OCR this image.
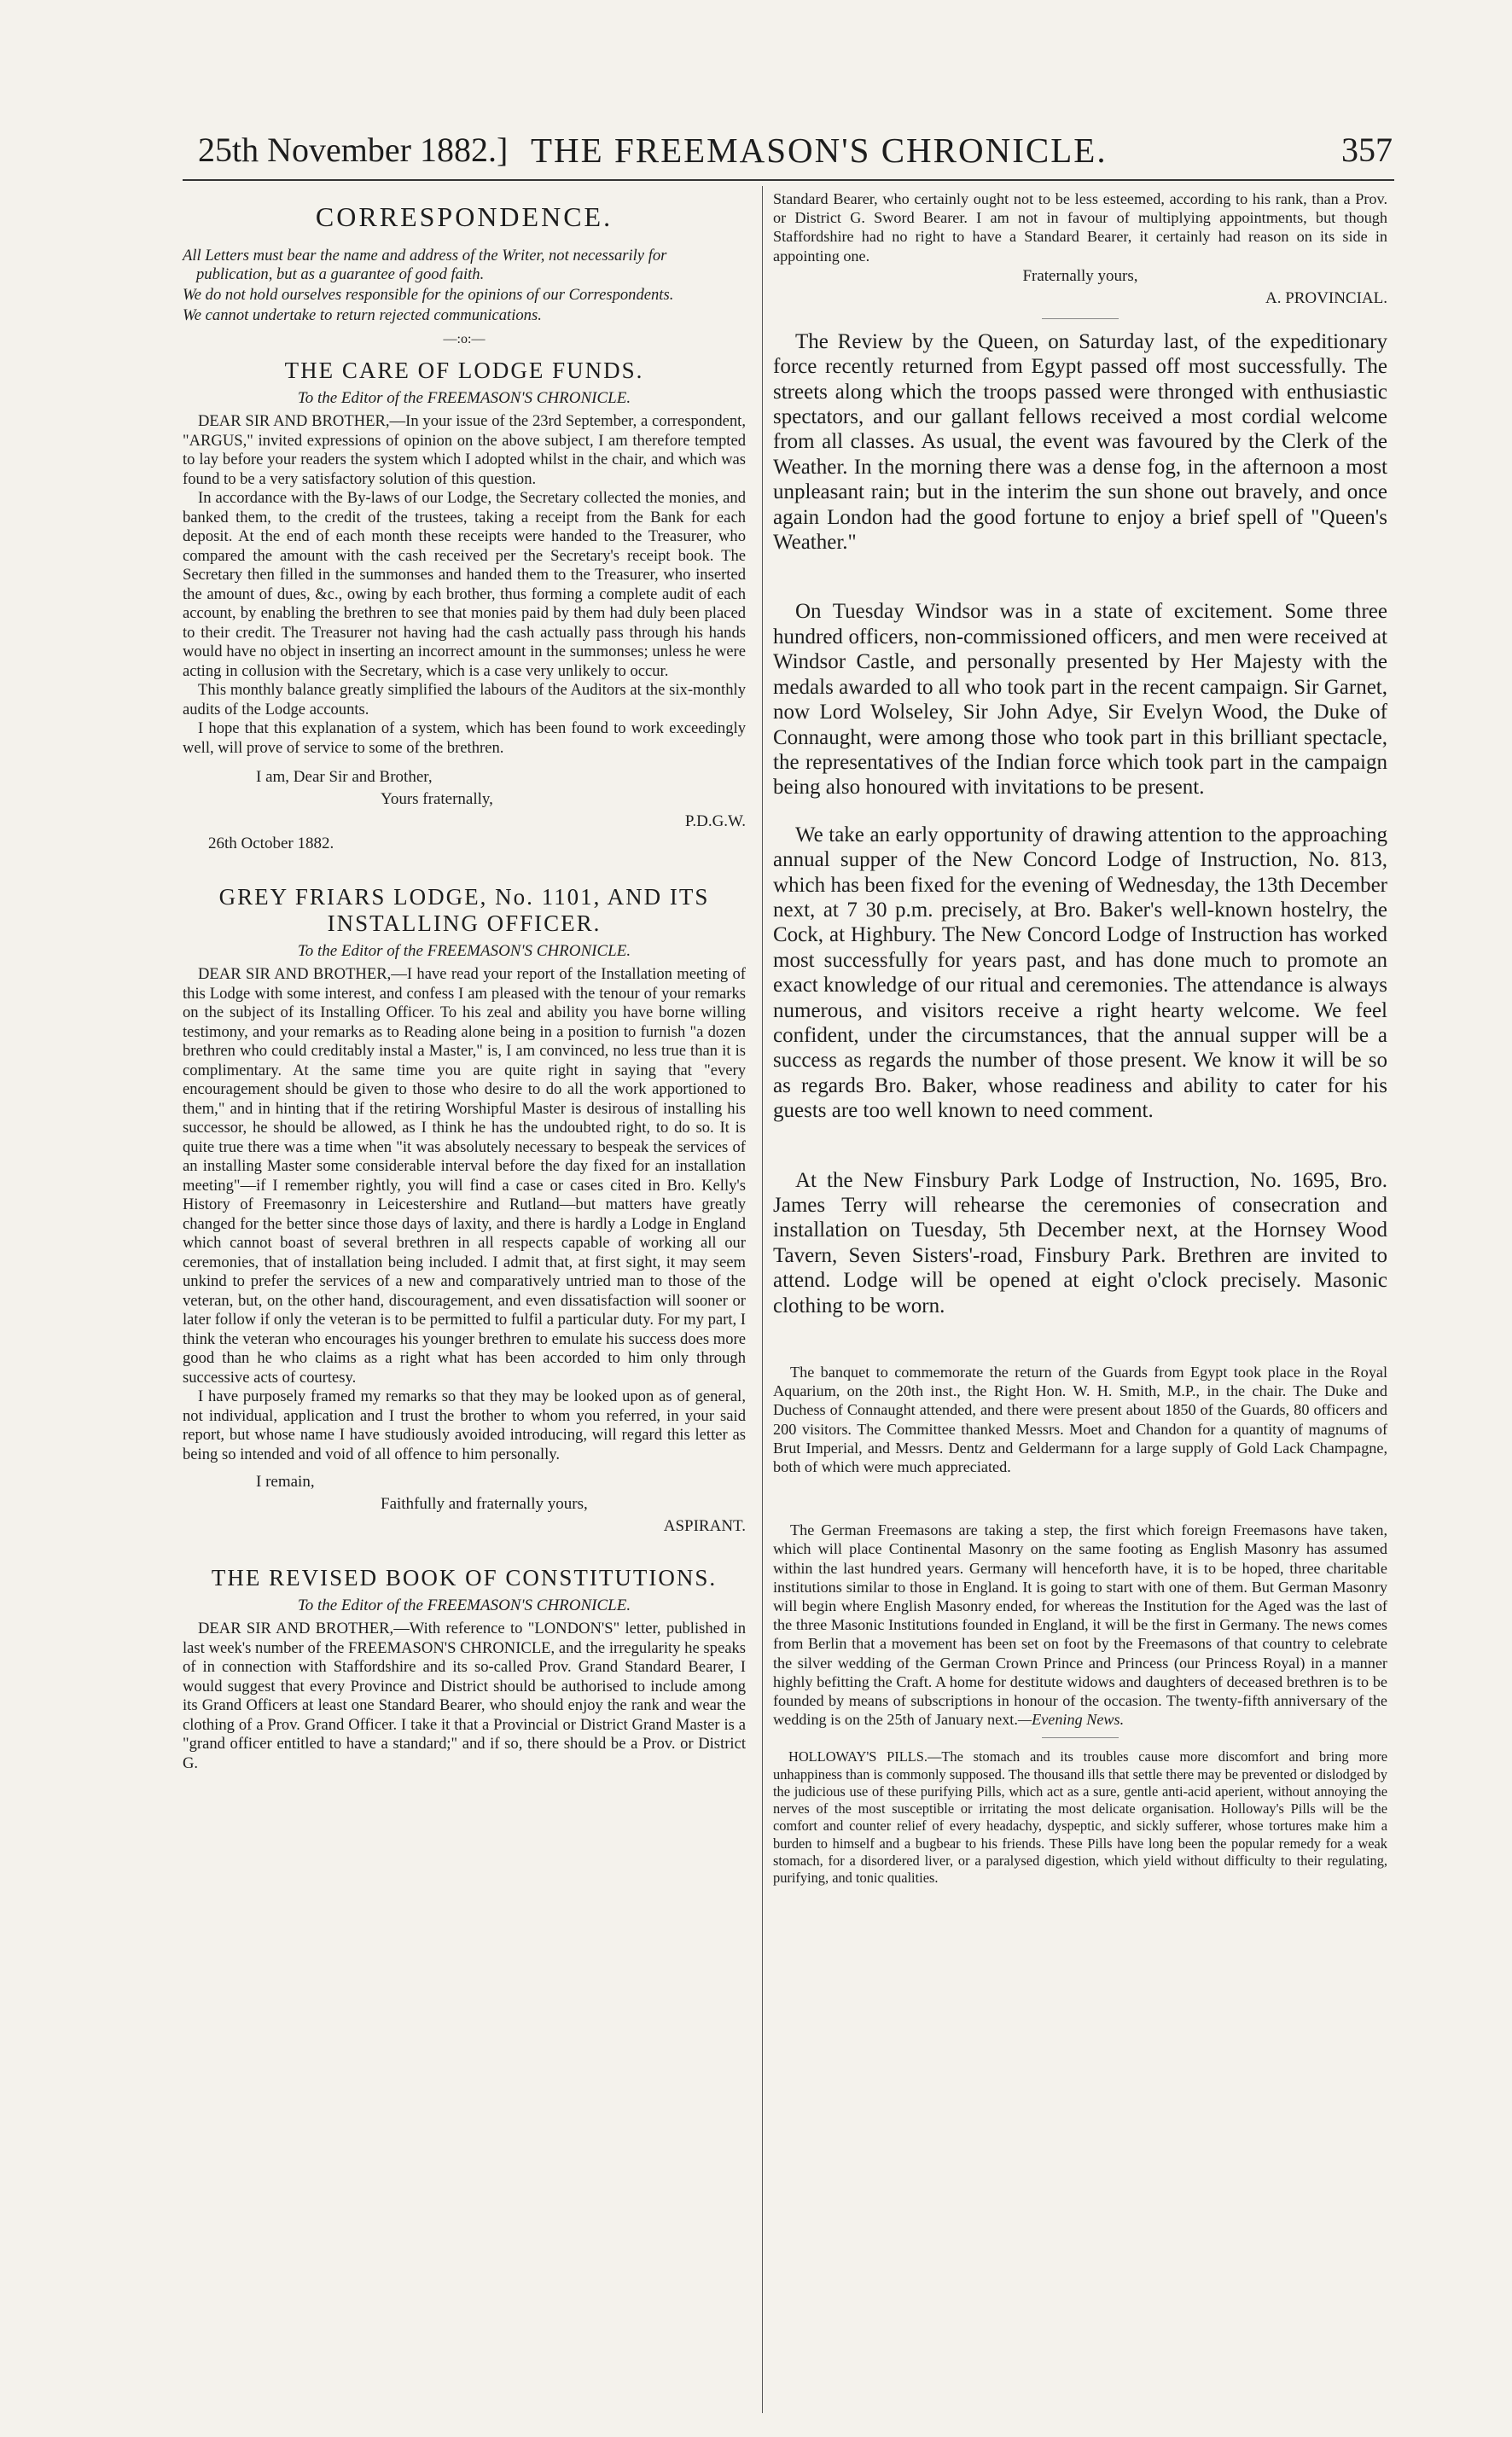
25th November 1882.] THE FREEMASON'S CHRONICLE.	357
CORRESPONDENCE.

All Letters must bear the name and address of the Writer, not necessarily for publication, but as a guarantee of good faith.

We do not hold ourselves responsible for the opinions of our Correspondents.

We cannot undertake to return rejected communications.

—:o:—
THE CARE OF LODGE FUNDS.
To the Editor of the FREEMASON'S CHRONICLE.

DEAR SIR AND BROTHER,—In your issue of the 23rd September, a correspondent, "ARGUS," invited expressions of opinion on the above subject, I am therefore tempted to lay before your readers the system which I adopted whilst in the chair, and which was found to be a very satisfactory solution of this question.

In accordance with the By-laws of our Lodge, the Secretary collected the monies, and banked them, to the credit of the trustees, taking a receipt from the Bank for each deposit. At the end of each month these receipts were handed to the Treasurer, who compared the amount with the cash received per the Secretary's receipt book. The Secretary then filled in the summonses and handed them to the Treasurer, who inserted the amount of dues, &c., owing by each brother, thus forming a complete audit of each account, by enabling the brethren to see that monies paid by them had duly been placed to their credit. The Treasurer not having had the cash actually pass through his hands would have no object in inserting an incorrect amount in the summonses; unless he were acting in collusion with the Secretary, which is a case very unlikely to occur.

This monthly balance greatly simplified the labours of the Auditors at the six-monthly audits of the Lodge accounts.

I hope that this explanation of a system, which has been found to work exceedingly well, will prove of service to some of the brethren.

I am, Dear Sir and Brother,
Yours fraternally,
P.D.G.W.
26th October 1882.
GREY FRIARS LODGE, No. 1101, AND ITS INSTALLING OFFICER.
To the Editor of the FREEMASON'S CHRONICLE.

DEAR SIR AND BROTHER,—I have read your report of the Installation meeting of this Lodge with some interest, and confess I am pleased with the tenour of your remarks on the subject of its Installing Officer. To his zeal and ability you have borne willing testimony, and your remarks as to Reading alone being in a position to furnish "a dozen brethren who could creditably instal a Master," is, I am convinced, no less true than it is complimentary. At the same time you are quite right in saying that "every encouragement should be given to those who desire to do all the work apportioned to them," and in hinting that if the retiring Worshipful Master is desirous of installing his successor, he should be allowed, as I think he has the undoubted right, to do so. It is quite true there was a time when "it was absolutely necessary to bespeak the services of an installing Master some considerable interval before the day fixed for an installation meeting"—if I remember rightly, you will find a case or cases cited in Bro. Kelly's History of Freemasonry in Leicestershire and Rutland—but matters have greatly changed for the better since those days of laxity, and there is hardly a Lodge in England which cannot boast of several brethren in all respects capable of working all our ceremonies, that of installation being included. I admit that, at first sight, it may seem unkind to prefer the services of a new and comparatively untried man to those of the veteran, but, on the other hand, discouragement, and even dissatisfaction will sooner or later follow if only the veteran is to be permitted to fulfil a particular duty. For my part, I think the veteran who encourages his younger brethren to emulate his success does more good than he who claims as a right what has been accorded to him only through successive acts of courtesy.

I have purposely framed my remarks so that they may be looked upon as of general, not individual, application and I trust the brother to whom you referred, in your said report, but whose name I have studiously avoided introducing, will regard this letter as being so intended and void of all offence to him personally.

I remain,
Faithfully and fraternally yours,
ASPIRANT.
THE REVISED BOOK OF CONSTITUTIONS.
To the Editor of the FREEMASON'S CHRONICLE.

DEAR SIR AND BROTHER,—With reference to "LONDON'S" letter, published in last week's number of the FREEMASON'S CHRONICLE, and the irregularity he speaks of in connection with Staffordshire and its so-called Prov. Grand Standard Bearer, I would suggest that every Province and District should be authorised to include among its Grand Officers at least one Standard Bearer, who should enjoy the rank and wear the clothing of a Prov. Grand Officer. I take it that a Provincial or District Grand Master is a "grand officer entitled to have a standard;" and if so, there should be a Prov. or District G.

Standard Bearer, who certainly ought not to be less esteemed, according to his rank, than a Prov. or District G. Sword Bearer. I am not in favour of multiplying appointments, but though Staffordshire had no right to have a Standard Bearer, it certainly had reason on its side in appointing one.

Fraternally yours,
A. PROVINCIAL.

The Review by the Queen, on Saturday last, of the expeditionary force recently returned from Egypt passed off most successfully. The streets along which the troops passed were thronged with enthusiastic spectators, and our gallant fellows received a most cordial welcome from all classes. As usual, the event was favoured by the Clerk of the Weather. In the morning there was a dense fog, in the afternoon a most unpleasant rain; but in the interim the sun shone out bravely, and once again London had the good fortune to enjoy a brief spell of "Queen's Weather."

On Tuesday Windsor was in a state of excitement. Some three hundred officers, non-commissioned officers, and men were received at Windsor Castle, and personally presented by Her Majesty with the medals awarded to all who took part in the recent campaign. Sir Garnet, now Lord Wolseley, Sir John Adye, Sir Evelyn Wood, the Duke of Connaught, were among those who took part in this brilliant spectacle, the representatives of the Indian force which took part in the campaign being also honoured with invitations to be present.

We take an early opportunity of drawing attention to the approaching annual supper of the New Concord Lodge of Instruction, No. 813, which has been fixed for the evening of Wednesday, the 13th December next, at 7 30 p.m. precisely, at Bro. Baker's well-known hostelry, the Cock, at Highbury. The New Concord Lodge of Instruction has worked most successfully for years past, and has done much to promote an exact knowledge of our ritual and ceremonies. The attendance is always numerous, and visitors receive a right hearty welcome. We feel confident, under the circumstances, that the annual supper will be a success as regards the number of those present. We know it will be so as regards Bro. Baker, whose readiness and ability to cater for his guests are too well known to need comment.

At the New Finsbury Park Lodge of Instruction, No. 1695, Bro. James Terry will rehearse the ceremonies of consecration and installation on Tuesday, 5th December next, at the Hornsey Wood Tavern, Seven Sisters'-road, Finsbury Park. Brethren are invited to attend. Lodge will be opened at eight o'clock precisely. Masonic clothing to be worn.

The banquet to commemorate the return of the Guards from Egypt took place in the Royal Aquarium, on the 20th inst., the Right Hon. W. H. Smith, M.P., in the chair. The Duke and Duchess of Connaught attended, and there were present about 1850 of the Guards, 80 officers and 200 visitors. The Committee thanked Messrs. Moet and Chandon for a quantity of magnums of Brut Imperial, and Messrs. Dentz and Geldermann for a large supply of Gold Lack Champagne, both of which were much appreciated.

The German Freemasons are taking a step, the first which foreign Freemasons have taken, which will place Continental Masonry on the same footing as English Masonry has assumed within the last hundred years. Germany will henceforth have, it is to be hoped, three charitable institutions similar to those in England. It is going to start with one of them. But German Masonry will begin where English Masonry ended, for whereas the Institution for the Aged was the last of the three Masonic Institutions founded in England, it will be the first in Germany. The news comes from Berlin that a movement has been set on foot by the Freemasons of that country to celebrate the silver wedding of the German Crown Prince and Princess (our Princess Royal) in a manner highly befitting the Craft. A home for destitute widows and daughters of deceased brethren is to be founded by means of subscriptions in honour of the occasion. The twenty-fifth anniversary of the wedding is on the 25th of January next.—Evening News.

HOLLOWAY'S PILLS.—The stomach and its troubles cause more discomfort and bring more unhappiness than is commonly supposed. The thousand ills that settle there may be prevented or dislodged by the judicious use of these purifying Pills, which act as a sure, gentle anti-acid aperient, without annoying the nerves of the most susceptible or irritating the most delicate organisation. Holloway's Pills will be the comfort and counter relief of every headachy, dyspeptic, and sickly sufferer, whose tortures make him a burden to himself and a bugbear to his friends. These Pills have long been the popular remedy for a weak stomach, for a disordered liver, or a paralysed digestion, which yield without difficulty to their regulating, purifying, and tonic qualities.
